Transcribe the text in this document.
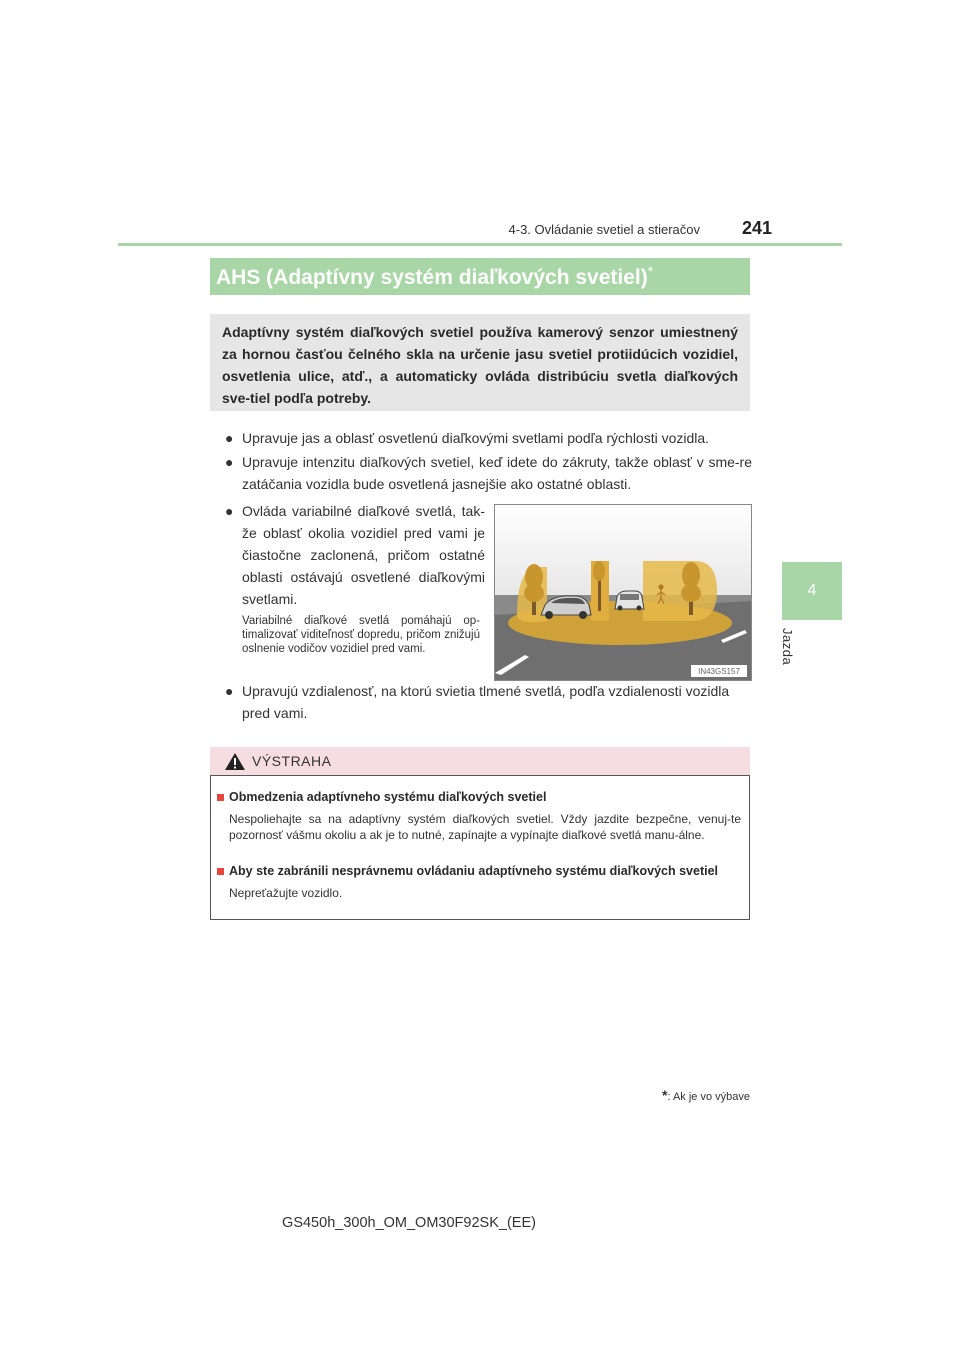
4-3. Ovládanie svetiel a stieračov 241
4
Jazda
AHS (Adaptívny systém diaľkových svetiel)*

Adaptívny systém diaľkových svetiel používa kamerový senzor umiestnený za hornou časťou čelného skla na určenie jasu svetiel protiidúcich vozidiel, osvetlenia ulice, atď., a automaticky ovláda distribúciu svetla diaľkových sve-tiel podľa potreby.

● Upravuje jas a oblasť osvetlenú diaľkovými svetlami podľa rýchlosti vozidla.
● Upravuje intenzitu diaľkových svetiel, keď idete do zákruty, takže oblasť v sme-re zatáčania vozidla bude osvetlená jasnejšie ako ostatné oblasti.
● Ovláda variabilné diaľkové svetlá, tak-že oblasť okolia vozidiel pred vami je čiastočne zaclonená, pričom ostatné oblasti ostávajú osvetlené diaľkovými svetlami.
Variabilné diaľkové svetlá pomáhajú op-timalizovať viditeľnosť dopredu, pričom znižujú oslnenie vodičov vozidiel pred vami.
● Upravujú vzdialenosť, na ktorú svietia tlmené svetlá, podľa vzdialenosti vozidla pred vami.
IN43GS157
VÝSTRAHA
Obmedzenia adaptívneho systému diaľkových svetiel
Nespoliehajte sa na adaptívny systém diaľkových svetiel. Vždy jazdite bezpečne, venuj-te pozornosť vášmu okoliu a ak je to nutné, zapínajte a vypínajte diaľkové svetlá manu-álne.
Aby ste zabránili nesprávnemu ovládaniu adaptívneho systému diaľkových svetiel
Nepreťažujte vozidlo.
*: Ak je vo výbave
GS450h_300h_OM_OM30F92SK_(EE)
